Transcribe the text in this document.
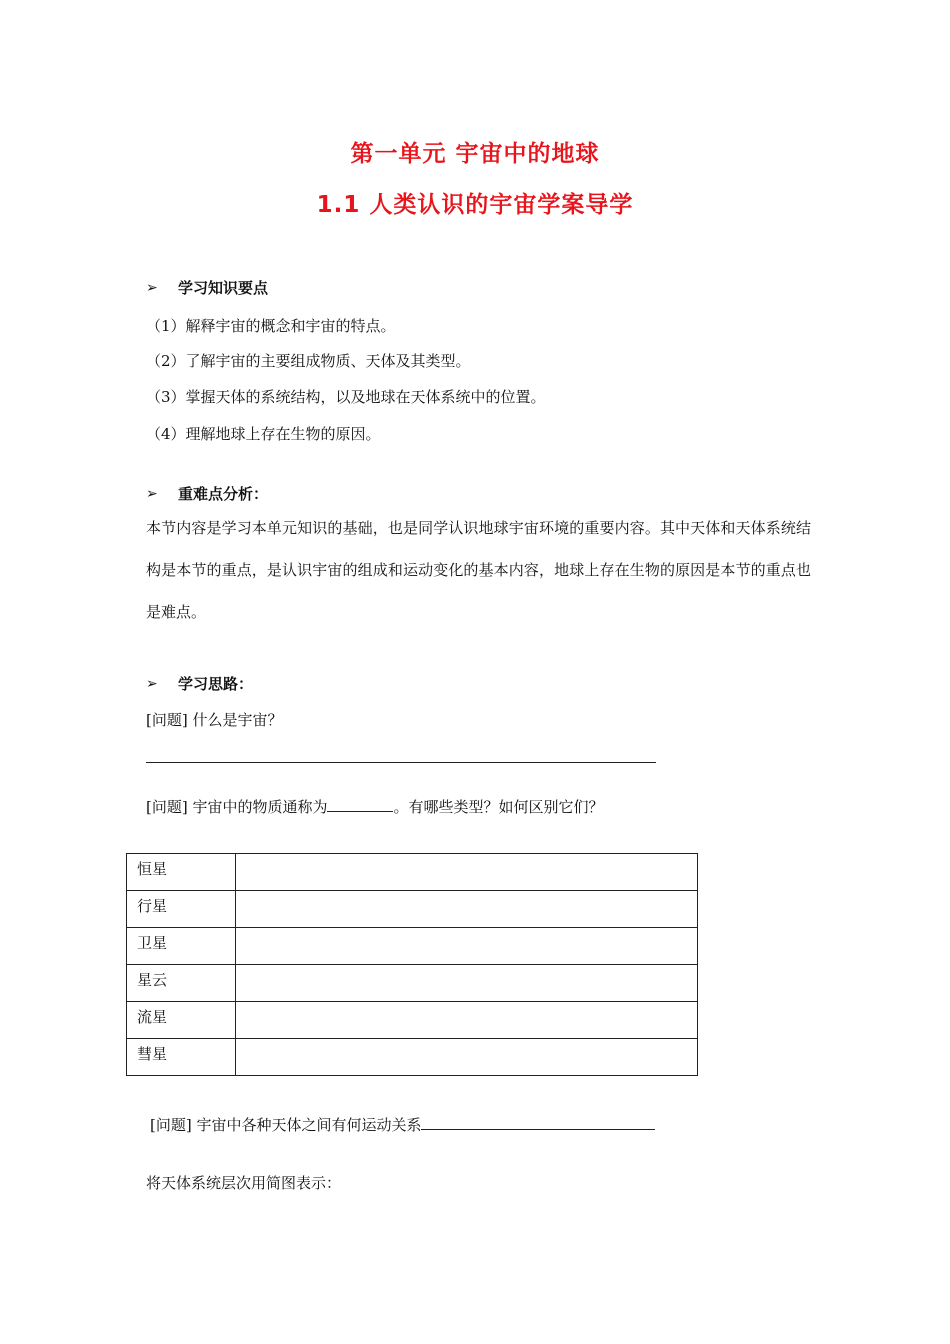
第一单元 宇宙中的地球
1.1 人类认识的宇宙学案导学
➢	学习知识要点
（1）解释宇宙的概念和宇宙的特点。
（2）了解宇宙的主要组成物质、天体及其类型。
（3）掌握天体的系统结构，以及地球在天体系统中的位置。
（4）理解地球上存在生物的原因。
➢	重难点分析：
本节内容是学习本单元知识的基础，也是同学认识地球宇宙环境的重要内容。其中天体和天体系统结构是本节的重点，是认识宇宙的组成和运动变化的基本内容，地球上存在生物的原因是本节的重点也是难点。
➢	学习思路：
[问题] 什么是宇宙？
[问题] 宇宙中的物质通称为	。有哪些类型？如何区别它们？
恒星	
行星	
卫星	
星云	
流星	
彗星	
[问题] 宇宙中各种天体之间有何运动关系
将天体系统层次用简图表示：
